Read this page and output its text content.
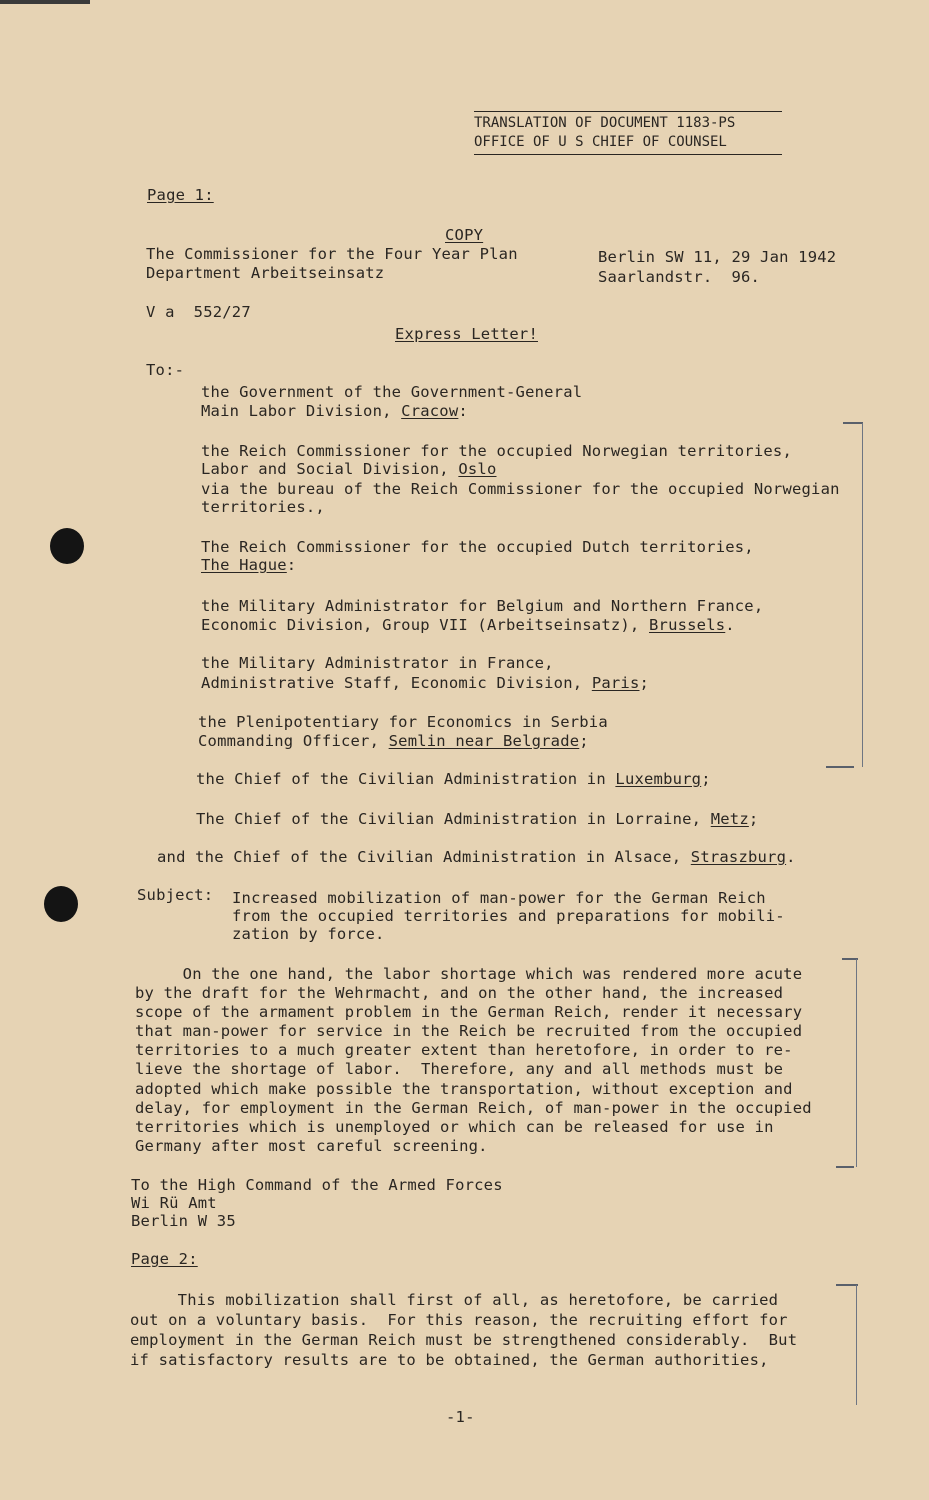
TRANSLATION OF DOCUMENT 1183-PS
OFFICE OF U S CHIEF OF COUNSEL
Page 1:
COPY
The Commissioner for the Four Year Plan
Department Arbeitseinsatz
Berlin SW 11, 29 Jan 1942
Saarlandstr.  96.
V a  552/27
Express Letter!
To:-
the Government of the Government-General
Main Labor Division, Cracow:
the Reich Commissioner for the occupied Norwegian territories,
Labor and Social Division, Oslo
via the bureau of the Reich Commissioner for the occupied Norwegian
territories.,
The Reich Commissioner for the occupied Dutch territories,
The Hague:
the Military Administrator for Belgium and Northern France,
Economic Division, Group VII (Arbeitseinsatz), Brussels.
the Military Administrator in France,
Administrative Staff, Economic Division, Paris;
the Plenipotentiary for Economics in Serbia
Commanding Officer, Semlin near Belgrade;
the Chief of the Civilian Administration in Luxemburg;
The Chief of the Civilian Administration in Lorraine, Metz;
and the Chief of the Civilian Administration in Alsace, Straszburg.
Subject: Increased mobilization of man-power for the German Reich
from the occupied territories and preparations for mobili-
zation by force.
On the one hand, the labor shortage which was rendered more acute
by the draft for the Wehrmacht, and on the other hand, the increased
scope of the armament problem in the German Reich, render it necessary
that man-power for service in the Reich be recruited from the occupied
territories to a much greater extent than heretofore, in order to re-
lieve the shortage of labor.  Therefore, any and all methods must be
adopted which make possible the transportation, without exception and
delay, for employment in the German Reich, of man-power in the occupied
territories which is unemployed or which can be released for use in
Germany after most careful screening.
To the High Command of the Armed Forces
Wi Rü Amt
Berlin W 35
Page 2:
This mobilization shall first of all, as heretofore, be carried
out on a voluntary basis.  For this reason, the recruiting effort for
employment in the German Reich must be strengthened considerably.  But
if satisfactory results are to be obtained, the German authorities,
-1-
